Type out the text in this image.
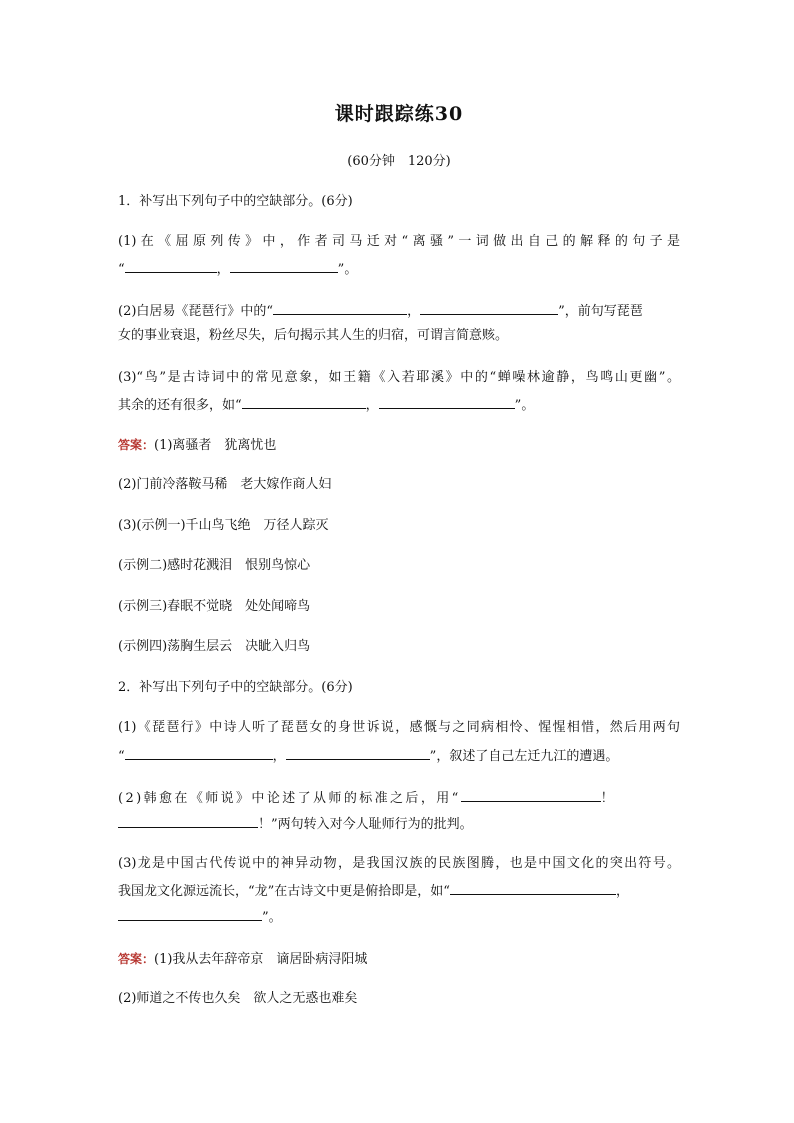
课时跟踪练30
(60分钟　120分)
1．补写出下列句子中的空缺部分。(6分)
(1)在《屈原列传》中，作者司马迁对“离骚”一词做出自己的解释的句子是
“	，	”。
(2)白居易《琵琶行》中的“	，	”，前句写琵琶
女的事业衰退，粉丝尽失，后句揭示其人生的归宿，可谓言简意赅。
(3)“鸟”是古诗词中的常见意象，如王籍《入若耶溪》中的“蝉噪林逾静，鸟鸣山更幽”。
其余的还有很多，如“	，	”。
答案：(1)离骚者　犹离忧也
(2)门前冷落鞍马稀　老大嫁作商人妇
(3)(示例一)千山鸟飞绝　万径人踪灭
(示例二)感时花溅泪　恨别鸟惊心
(示例三)春眠不觉晓　处处闻啼鸟
(示例四)荡胸生层云　决眦入归鸟
2．补写出下列句子中的空缺部分。(6分)
(1)《琵琶行》中诗人听了琵琶女的身世诉说，感慨与之同病相怜、惺惺相惜，然后用两句
“	，	”，叙述了自己左迁九江的遭遇。
(2)韩愈在《师说》中论述了从师的标准之后，用“	！
！”两句转入对今人耻师行为的批判。
(3)龙是中国古代传说中的神异动物，是我国汉族的民族图腾，也是中国文化的突出符号。
我国龙文化源远流长，“龙”在古诗文中更是俯拾即是，如“	，
”。
答案：(1)我从去年辞帝京　谪居卧病浔阳城
(2)师道之不传也久矣　欲人之无惑也难矣
